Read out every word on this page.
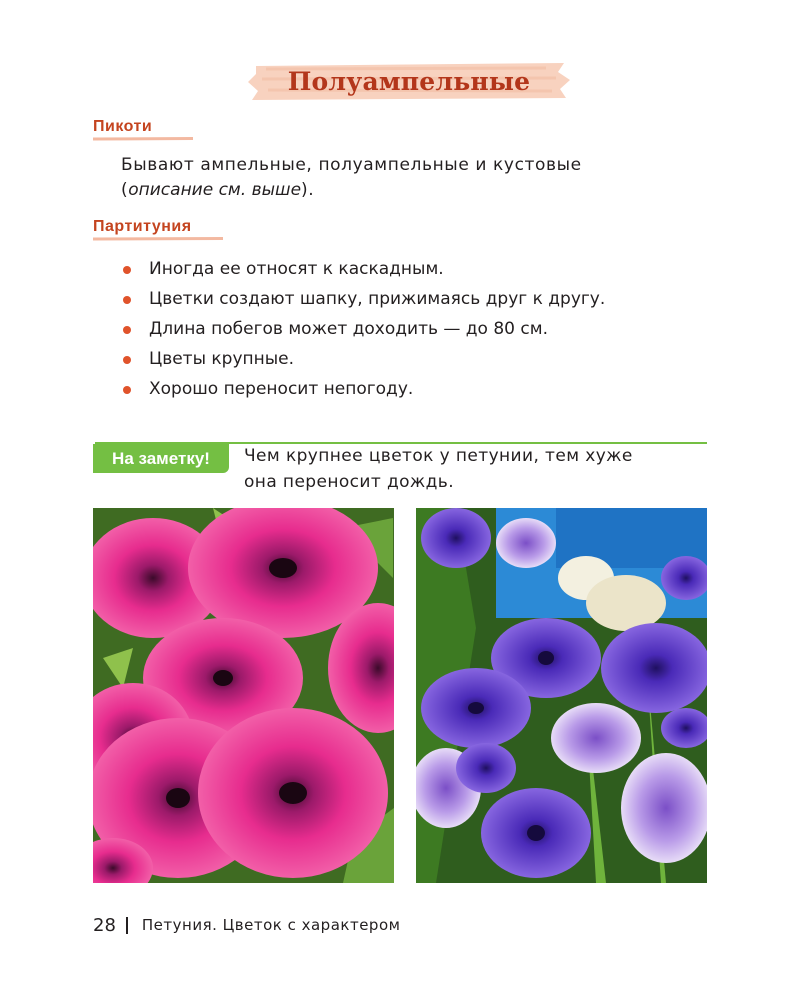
Полуампельные
Пикоти

Бывают ампельные, полуампельные и кустовые
(описание см. выше).

Партитуния
Иногда ее относят к каскадным.
Цветки создают шапку, прижимаясь друг к другу.
Длина побегов может доходить — до 80 см.
Цветы крупные.
Хорошо переносит непогоду.
На заметку!	Чем крупнее цветок у петунии, тем хуже
она переносит дождь.

28 Петуния. Цветок с характером
